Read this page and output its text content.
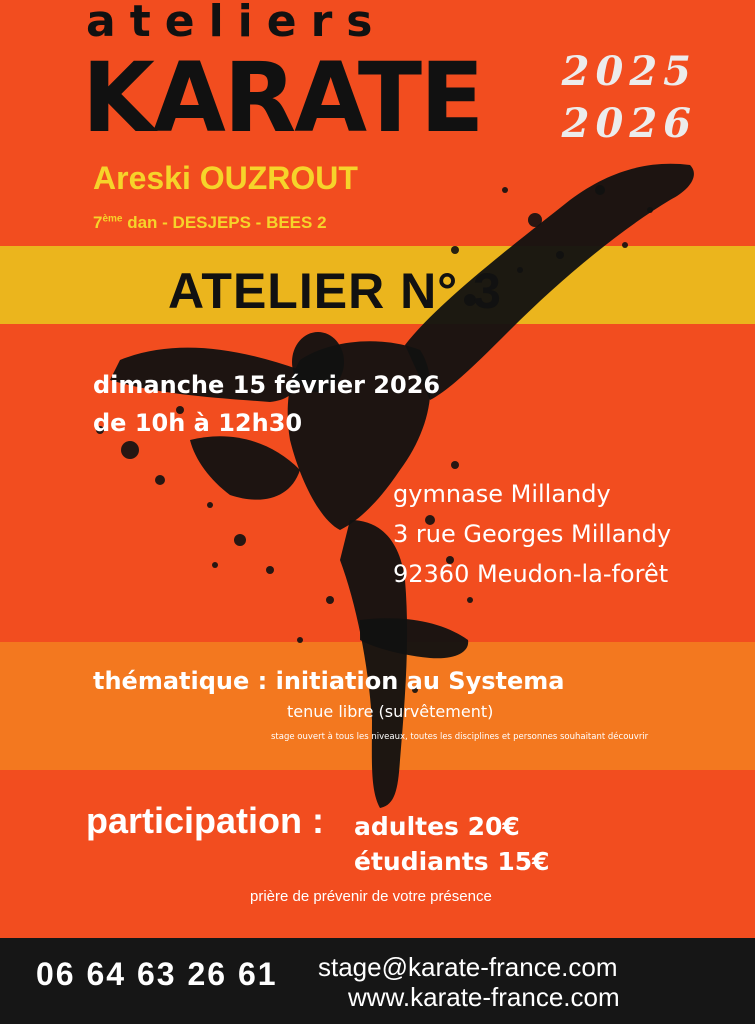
ateliers
KARATE 2025
2026
Areski OUZROUT
7ème dan - DESJEPS - BEES 2
ATELIER N° 3
dimanche 15 février 2026
de 10h à 12h30
gymnase Millandy
3 rue Georges Millandy
92360 Meudon-la-forêt
thématique : initiation au Systema
tenue libre (survêtement)
stage ouvert à tous les niveaux, toutes les disciplines et personnes souhaitant découvrir
participation : adultes 20€
étudiants 15€
prière de prévenir de votre présence
06 64 63 26 61 stage@karate-france.com
www.karate-france.com
